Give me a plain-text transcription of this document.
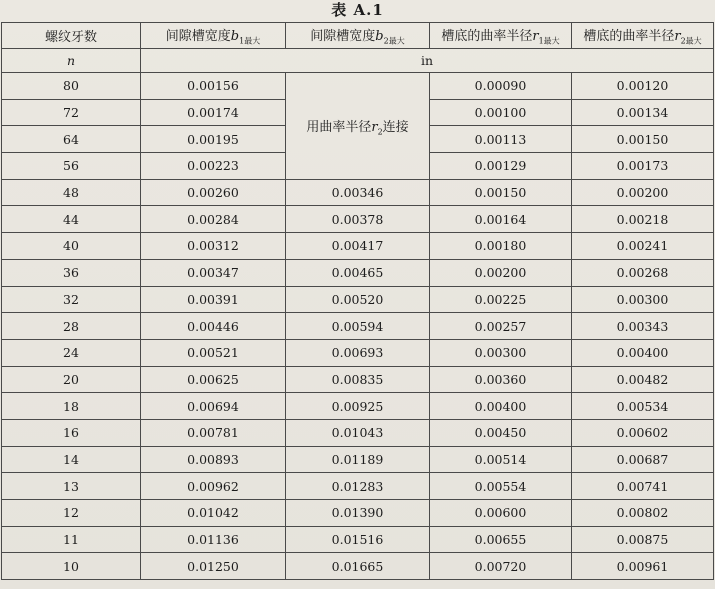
表 A.1
螺纹牙数	间隙槽宽度$b_{1最大}$	间隙槽宽度$b_{2最大}$	槽底的曲率半径$r_{1最大}$	槽底的曲率半径$r_{2最大}$
n	in			
80	0.00156	用曲率半径$r_2$连接	0.00090	0.00120
72	0.00174		0.00100	0.00134
64	0.00195		0.00113	0.00150
56	0.00223		0.00129	0.00173
48	0.00260	0.00346	0.00150	0.00200
44	0.00284	0.00378	0.00164	0.00218
40	0.00312	0.00417	0.00180	0.00241
36	0.00347	0.00465	0.00200	0.00268
32	0.00391	0.00520	0.00225	0.00300
28	0.00446	0.00594	0.00257	0.00343
24	0.00521	0.00693	0.00300	0.00400
20	0.00625	0.00835	0.00360	0.00482
18	0.00694	0.00925	0.00400	0.00534
16	0.00781	0.01043	0.00450	0.00602
14	0.00893	0.01189	0.00514	0.00687
13	0.00962	0.01283	0.00554	0.00741
12	0.01042	0.01390	0.00600	0.00802
11	0.01136	0.01516	0.00655	0.00875
10	0.01250	0.01665	0.00720	0.00961
